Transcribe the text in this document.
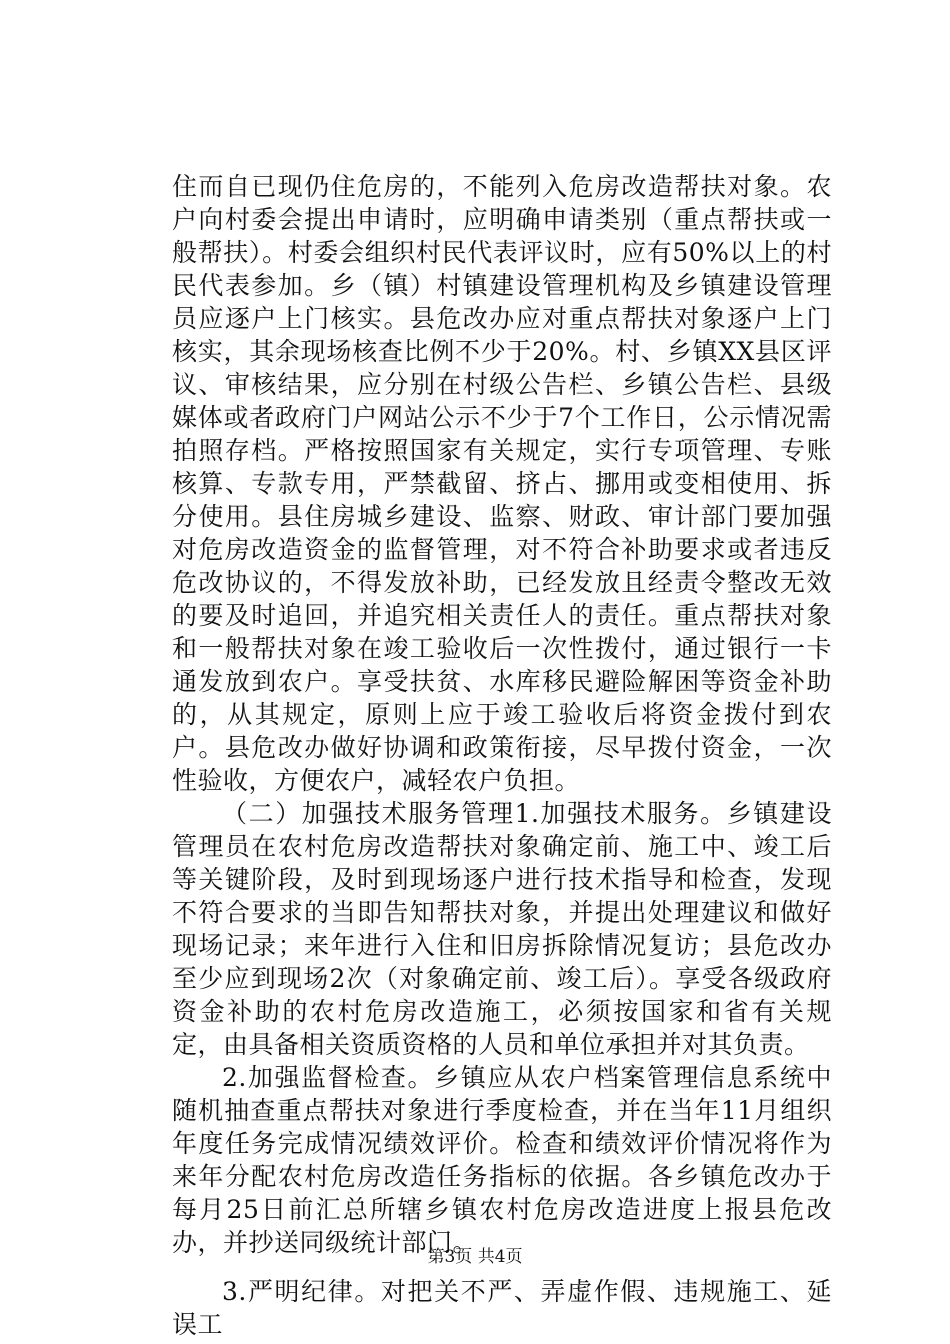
住而自已现仍住危房的，不能列入危房改造帮扶对象。农户向村委会提出申请时，应明确申请类别（重点帮扶或一般帮扶）。村委会组织村民代表评议时，应有50%以上的村民代表参加。乡（镇）村镇建设管理机构及乡镇建设管理员应逐户上门核实。县危改办应对重点帮扶对象逐户上门核实，其余现场核查比例不少于20%。村、乡镇XX县区评议、审核结果，应分别在村级公告栏、乡镇公告栏、县级媒体或者政府门户网站公示不少于7个工作日，公示情况需拍照存档。严格按照国家有关规定，实行专项管理、专账核算、专款专用，严禁截留、挤占、挪用或变相使用、拆分使用。县住房城乡建设、监察、财政、审计部门要加强对危房改造资金的监督管理，对不符合补助要求或者违反危改协议的，不得发放补助，已经发放且经责令整改无效的要及时追回，并追究相关责任人的责任。重点帮扶对象和一般帮扶对象在竣工验收后一次性拨付，通过银行一卡通发放到农户。享受扶贫、水库移民避险解困等资金补助的，从其规定，原则上应于竣工验收后将资金拨付到农户。县危改办做好协调和政策衔接，尽早拨付资金，一次性验收，方便农户，减轻农户负担。

（二）加强技术服务管理1.加强技术服务。乡镇建设管理员在农村危房改造帮扶对象确定前、施工中、竣工后等关键阶段，及时到现场逐户进行技术指导和检查，发现不符合要求的当即告知帮扶对象，并提出处理建议和做好现场记录；来年进行入住和旧房拆除情况复访；县危改办至少应到现场2次（对象确定前、竣工后）。享受各级政府资金补助的农村危房改造施工，必须按国家和省有关规定，由具备相关资质资格的人员和单位承担并对其负责。

2.加强监督检查。乡镇应从农户档案管理信息系统中随机抽查重点帮扶对象进行季度检查，并在当年11月组织年度任务完成情况绩效评价。检查和绩效评价情况将作为来年分配农村危房改造任务指标的依据。各乡镇危改办于每月25日前汇总所辖乡镇农村危房改造进度上报县危改办，并抄送同级统计部门。

3.严明纪律。对把关不严、弄虚作假、违规施工、延误工

第3页 共4页
